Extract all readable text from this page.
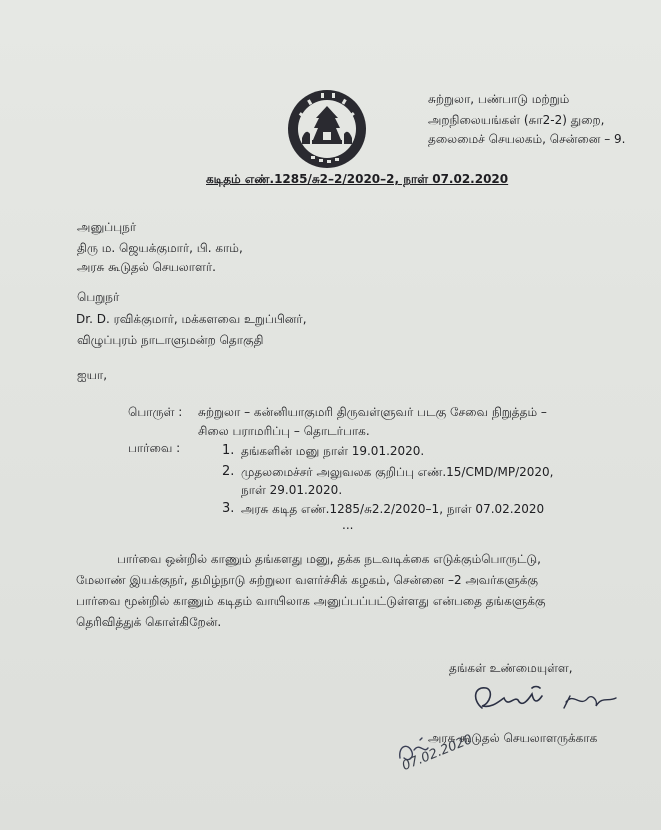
சுற்றுலா, பண்பாடு மற்றும்
அறநிலையங்கள் (சுா2-2) துறை,
தலைமைச் செயலகம், சென்னை – 9.
கடிதம் எண்.1285/சு2–2/2020–2, நாள் 07.02.2020
அனுப்புநர்
திரு ம. ஜெயக்குமார், பி. காம்,
அரசு கூடுதல் செயலாளர்.
பெறுநர்
Dr. D. ரவிக்குமார், மக்களவை உறுப்பினர்,
விழுப்புரம் நாடாளுமன்ற தொகுதி
ஐயா,
பொருள் : சுற்றுலா – கன்னியாகுமரி திருவள்ளுவர் படகு சேவை நிறுத்தம் –
சிலை பராமரிப்பு – தொடர்பாக.
பார்வை :	1. தங்களின் மனு நாள் 19.01.2020.
2. முதலமைச்சர் அலுவலக குறிப்பு எண்.15/CMD/MP/2020,
நாள் 29.01.2020.
3. அரசு கடித எண்.1285/சு2.2/2020–1, நாள் 07.02.2020
...
பார்வை ஒன்றில் காணும் தங்களது மனு, தக்க நடவடிக்கை எடுக்கும்பொருட்டு,
மேலாண் இயக்குநர், தமிழ்நாடு சுற்றுலா வளர்ச்சிக் கழகம், சென்னை –2 அவர்களுக்கு
பார்வை மூன்றில் காணும் கடிதம் வாயிலாக அனுப்பப்பட்டுள்ளது என்பதை தங்களுக்கு
தெரிவித்துக் கொள்கிறேன்.
தங்கள் உண்மையுள்ள,
அரசு கூடுதல் செயலாளருக்காக
07.02.2020
